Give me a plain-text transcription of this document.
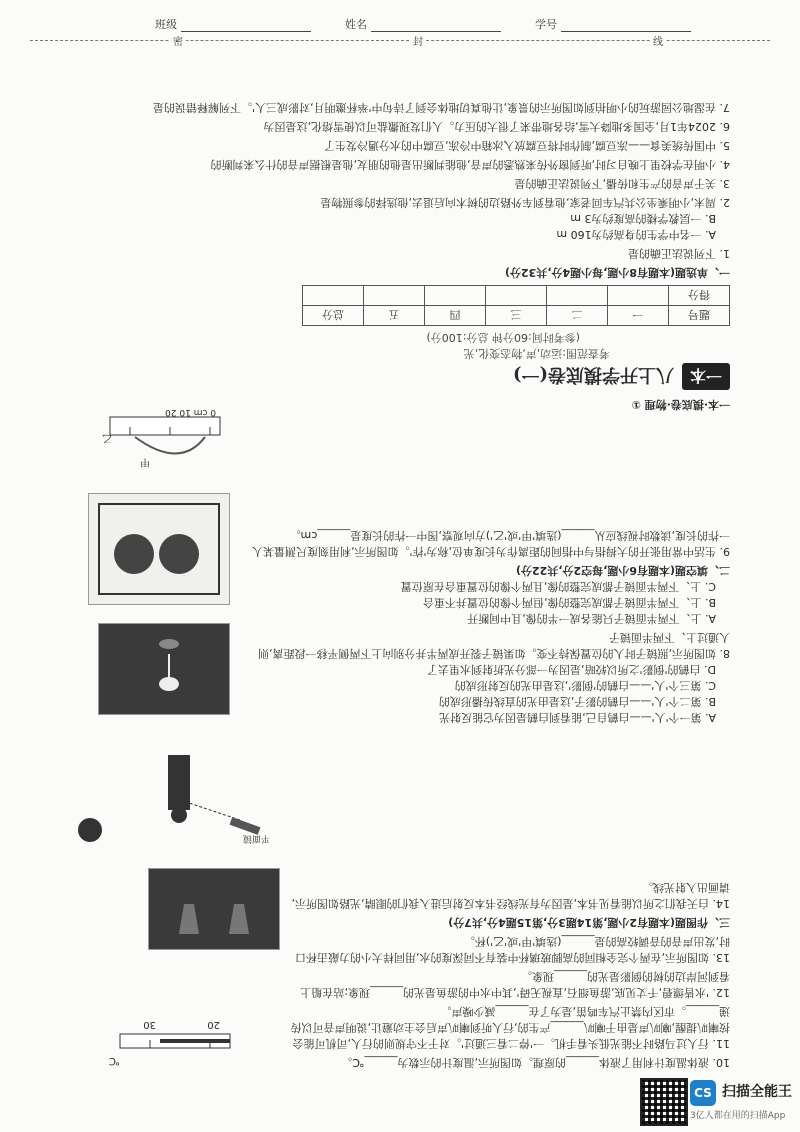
班级	姓名	学号
密	封	线
一本
八上开学摸底卷(一)
考查范围:运动,声,物态变化,光
(参考时间:60分钟 总分:100分)
题号	一	二	三	四	五	总分
得分						
一、单选题(本题有8小题,每小题4分,共32分)
1. 下列说法正确的是
A. 一名中学生的身高约为160 m
B. 一层教学楼的高度约为3 m
2. 周末,小明乘坐公共汽车回老家,他看到车外路边的树木向后退去,他选择的参照物是
3. 关于声音的产生和传播,下列说法正确的是
4. 小明在学校里上晚自习时,听到窗外传来熟悉的声音,他能判断出是他的朋友,他是根据声音的什么来判断的
5. 中国传统美食——冻豆腐,制作时将豆腐放入冰箱中冷冻,豆腐中的水分遇冷发生了
6. 2024年1月,全国多地降大雪,给各地带来了很大的压力。人们发现撒盐可以使雪熔化,这是因为
7. 在湿地公园游玩的小明拍到如图所示的景象,让他真切地体会到了诗句中'举杯邀明月,对影成三人'。下列解释错误的是
A. 第一个'人'——白鹤自己,能看到白鹤是因为它能反射光
B. 第二个'人'——白鹤的影子,这是由光的直线传播形成的
C. 第三个'人'——白鹤的'倒影',这是由光的反射形成的
D. 白鹤的'倒影'之所以较暗,是因为一部分光折射到水里去了
8. 如图所示,照镜子时人的位置保持不变。如果镜子裂开成两半并分别向上下两侧平移一段距离,则人通过上、下两半面镜子
A. 上、下两半面镜子只能各成一半的像,且中间断开
B. 上、下两半面镜子都成完整的像,但两个像的位置并不重合
C. 上、下两半面镜子都成完整的像,且两个像的位置重合在原位置
二、填空题(本题有6小题,每空2分,共22分)
9. 生活中常用张开的大拇指与中指间的距离作为长度单位,称为'拃'。如图所示,利用刻度尺测量某人一拃的长度,读数时视线应从______(选填'甲'或'乙')方向观察,图中一拃的长度是______cm。
0 cm 10 20
甲
乙
一本·摸底卷·物理 ①
10. 液体温度计利用了液体______的原理。如图所示,温度计的示数为______℃。
11. 行人过马路时不能光低头看手机。一'停二看三通过'。对于不守规则的行人,司机可能会按喇叭提醒,喇叭声是由于喇叭______产生的,行人听到喇叭声后会主动避让,说明声音可以传递______。市区内禁止汽车鸣笛,是为了在______减少噪声。
12. '水皆缥碧,千丈见底,游鱼细石,直视无碍',其中水中的游鱼是光的______现象;站在船上看到河岸边的树的倒影是光的______现象。
13. 如图所示,在两个完全相同的高脚玻璃杯中装有不同深度的水,用同样大小的力敲击杯口时,发出声音的音调较高的是______(选填'甲'或'乙')杯。
三、作图题(本题有2小题,第14题3分,第15题4分,共7分)
14. 白天我们之所以能看见书本,是因为有光线经书本反射后进入我们的眼睛,光路如图所示,请画出入射光线。
20
30
℃
平面镜
CS 扫描全能王
3亿人都在用的扫描App
